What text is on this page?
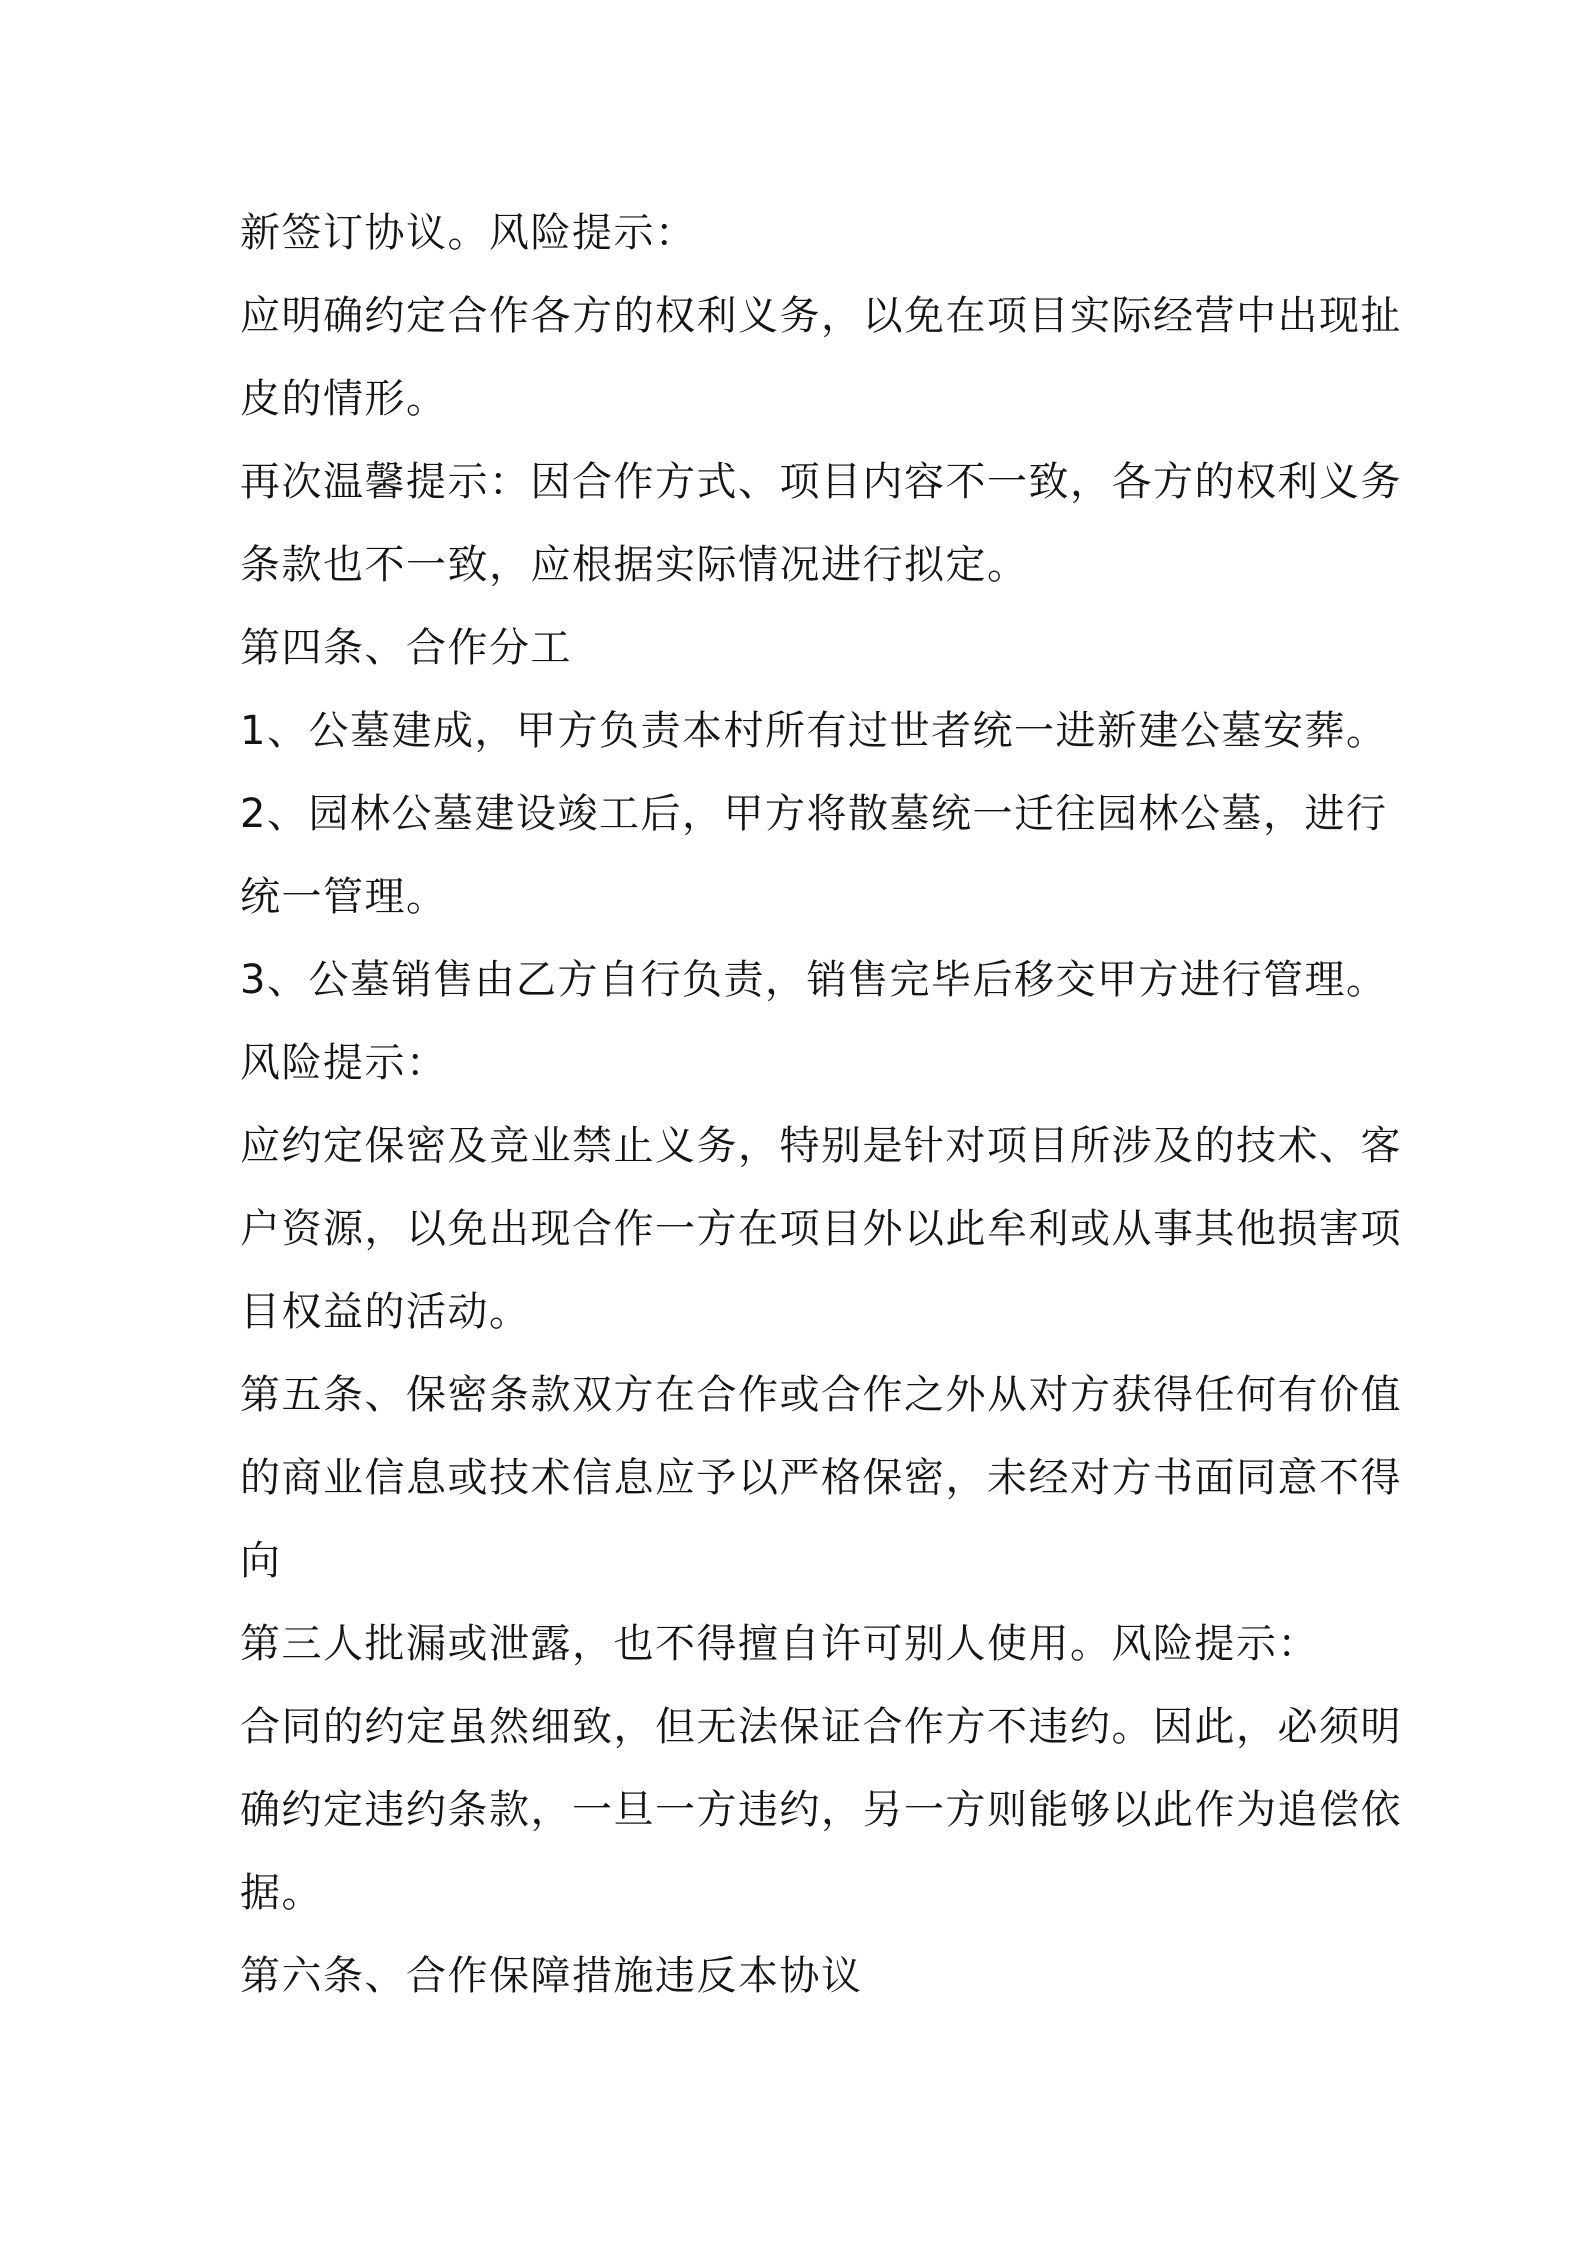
新签订协议。风险提示：
应明确约定合作各方的权利义务，以免在项目实际经营中出现扯
皮的情形。
再次温馨提示：因合作方式、项目内容不一致，各方的权利义务
条款也不一致，应根据实际情况进行拟定。
第四条、合作分工
1、公墓建成，甲方负责本村所有过世者统一进新建公墓安葬。
2、园林公墓建设竣工后，甲方将散墓统一迁往园林公墓，进行
统一管理。
3、公墓销售由乙方自行负责，销售完毕后移交甲方进行管理。
风险提示：
应约定保密及竞业禁止义务，特别是针对项目所涉及的技术、客
户资源，以免出现合作一方在项目外以此牟利或从事其他损害项
目权益的活动。
第五条、保密条款双方在合作或合作之外从对方获得任何有价值
的商业信息或技术信息应予以严格保密，未经对方书面同意不得
向
第三人批漏或泄露，也不得擅自许可别人使用。风险提示：
合同的约定虽然细致，但无法保证合作方不违约。因此，必须明
确约定违约条款，一旦一方违约，另一方则能够以此作为追偿依
据。
第六条、合作保障措施违反本协议
